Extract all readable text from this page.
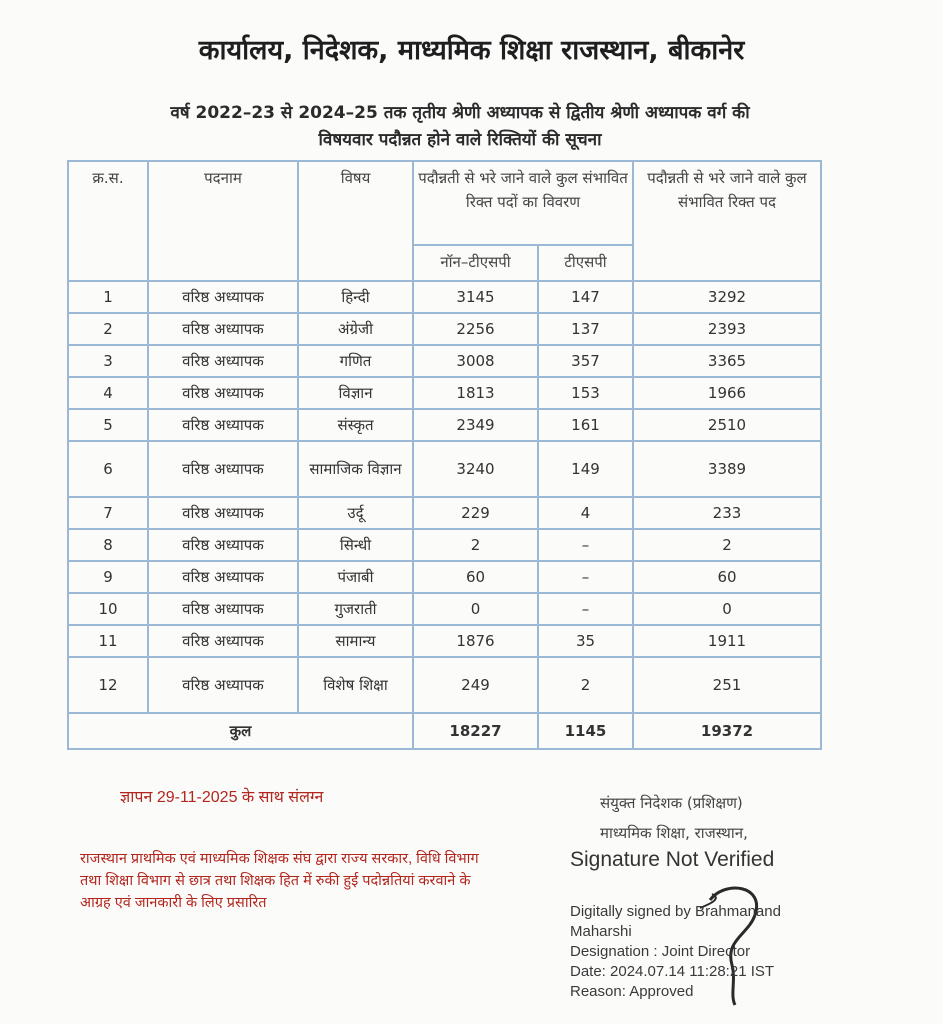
कार्यालय, निदेशक, माध्यमिक शिक्षा राजस्थान, बीकानेर
वर्ष 2022–23 से 2024–25 तक तृतीय श्रेणी अध्यापक से द्वितीय श्रेणी अध्यापक वर्ग की
विषयवार पदौन्नत होने वाले रिक्तियों की सूचना
क्र.स.	पदनाम	विषय	पदौन्नती से भरे जाने वाले कुल संभावित रिक्त पदों का विवरण		पदौन्नती से भरे जाने वाले कुल संभावित रिक्त पद
			नॉन–टीएसपी	टीएसपी	
1	वरिष्ठ अध्यापक	हिन्दी	3145	147	3292
2	वरिष्ठ अध्यापक	अंग्रेजी	2256	137	2393
3	वरिष्ठ अध्यापक	गणित	3008	357	3365
4	वरिष्ठ अध्यापक	विज्ञान	1813	153	1966
5	वरिष्ठ अध्यापक	संस्कृत	2349	161	2510
6	वरिष्ठ अध्यापक	सामाजिक विज्ञान	3240	149	3389
7	वरिष्ठ अध्यापक	उर्दू	229	4	233
8	वरिष्ठ अध्यापक	सिन्धी	2	–	2
9	वरिष्ठ अध्यापक	पंजाबी	60	–	60
10	वरिष्ठ अध्यापक	गुजराती	0	–	0
11	वरिष्ठ अध्यापक	सामान्य	1876	35	1911
12	वरिष्ठ अध्यापक	विशेष शिक्षा	249	2	251
कुल			18227	1145	19372
ज्ञापन 29-11-2025 के साथ संलग्न
राजस्थान प्राथमिक एवं माध्यमिक शिक्षक संघ द्वारा राज्य सरकार, विधि विभाग तथा शिक्षा विभाग से छात्र तथा शिक्षक हित में रुकी हुई पदोन्नतियां करवाने के आग्रह एवं जानकारी के लिए प्रसारित
संयुक्त निदेशक (प्रशिक्षण)
माध्यमिक शिक्षा, राजस्थान,
Signature Not Verified
Digitally signed by Brahmanand
Maharshi
Designation : Joint Director
Date: 2024.07.14 11:28:21 IST
Reason: Approved
